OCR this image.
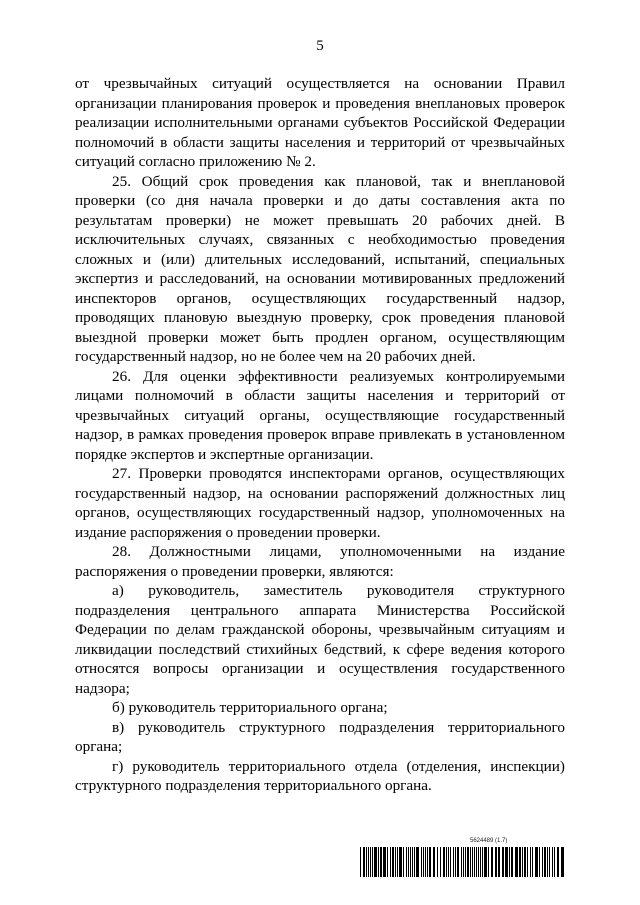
5

от чрезвычайных ситуаций осуществляется на основании Правил организации планирования проверок и проведения внеплановых проверок реализации исполнительными органами субъектов Российской Федерации полномочий в области защиты населения и территорий от чрезвычайных ситуаций согласно приложению № 2.

25. Общий срок проведения как плановой, так и внеплановой проверки (со дня начала проверки и до даты составления акта по результатам проверки) не может превышать 20 рабочих дней. В исключительных случаях, связанных с необходимостью проведения сложных и (или) длительных исследований, испытаний, специальных экспертиз и расследований, на основании мотивированных предложений инспекторов органов, осуществляющих государственный надзор, проводящих плановую выездную проверку, срок проведения плановой выездной проверки может быть продлен органом, осуществляющим государственный надзор, но не более чем на 20 рабочих дней.

26. Для оценки эффективности реализуемых контролируемыми лицами полномочий в области защиты населения и территорий от чрезвычайных ситуаций органы, осуществляющие государственный надзор, в рамках проведения проверок вправе привлекать в установленном порядке экспертов и экспертные организации.

27. Проверки проводятся инспекторами органов, осуществляющих государственный надзор, на основании распоряжений должностных лиц органов, осуществляющих государственный надзор, уполномоченных на издание распоряжения о проведении проверки.

28. Должностными лицами, уполномоченными на издание распоряжения о проведении проверки, являются:

а) руководитель, заместитель руководителя структурного подразделения центрального аппарата Министерства Российской Федерации по делам гражданской обороны, чрезвычайным ситуациям и ликвидации последствий стихийных бедствий, к сфере ведения которого относятся вопросы организации и осуществления государственного надзора;

б) руководитель территориального органа;

в) руководитель структурного подразделения территориального органа;

г) руководитель территориального отдела (отделения, инспекции) структурного подразделения территориального органа.

5624489 (1.7)
